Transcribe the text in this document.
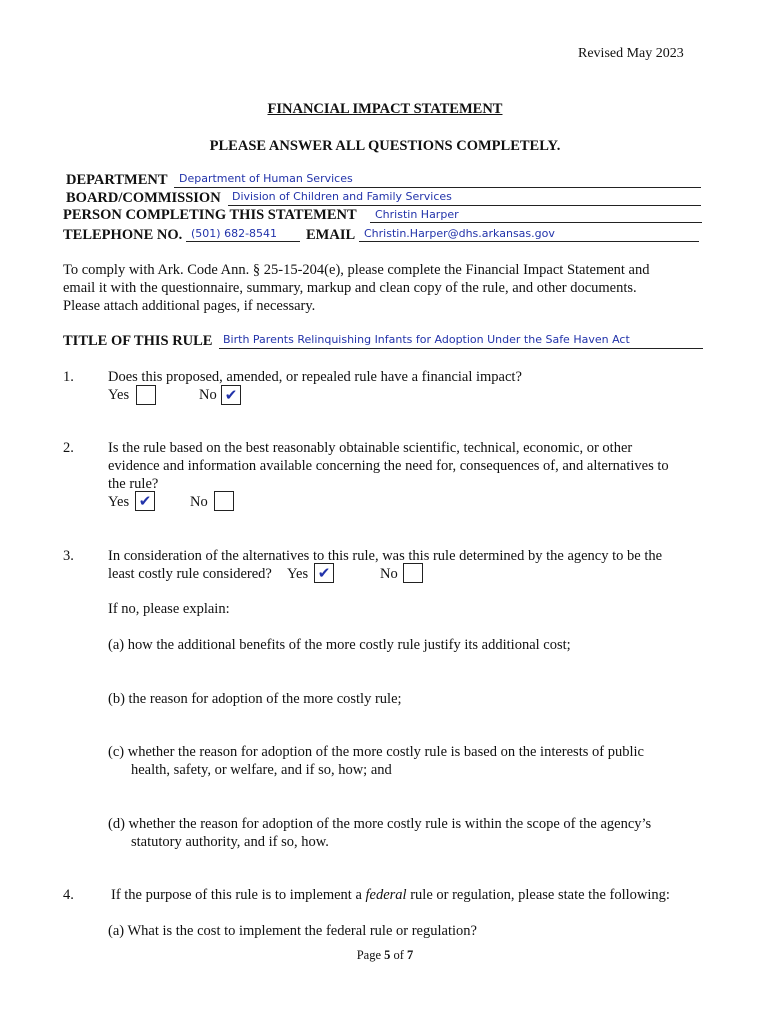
Revised May 2023
FINANCIAL IMPACT STATEMENT
PLEASE ANSWER ALL QUESTIONS COMPLETELY.
DEPARTMENT Department of Human Services
BOARD/COMMISSION Division of Children and Family Services
PERSON COMPLETING THIS STATEMENT Christin Harper
TELEPHONE NO. (501) 682-8541 EMAIL Christin.Harper@dhs.arkansas.gov
To comply with Ark. Code Ann. § 25-15-204(e), please complete the Financial Impact Statement and
email it with the questionnaire, summary, markup and clean copy of the rule, and other documents.
Please attach additional pages, if necessary.
TITLE OF THIS RULE Birth Parents Relinquishing Infants for Adoption Under the Safe Haven Act
1. Does this proposed, amended, or repealed rule have a financial impact?
Yes	No ✔
2. Is the rule based on the best reasonably obtainable scientific, technical, economic, or other
evidence and information available concerning the need for, consequences of, and alternatives to
the rule?
Yes ✔	No
3. In consideration of the alternatives to this rule, was this rule determined by the agency to be the
least costly rule considered? Yes ✔	No
If no, please explain:
(a) how the additional benefits of the more costly rule justify its additional cost;
(b) the reason for adoption of the more costly rule;
(c) whether the reason for adoption of the more costly rule is based on the interests of public
health, safety, or welfare, and if so, how; and
(d) whether the reason for adoption of the more costly rule is within the scope of the agency’s
statutory authority, and if so, how.
4.	If the purpose of this rule is to implement a federal rule or regulation, please state the following:
(a) What is the cost to implement the federal rule or regulation?
Page 5 of 7
